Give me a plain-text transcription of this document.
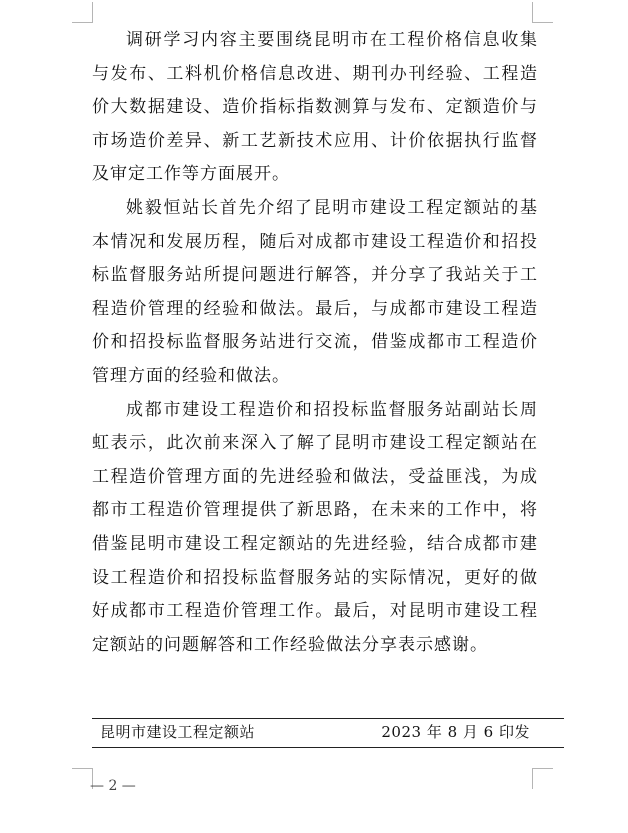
调研学习内容主要围绕昆明市在工程价格信息收集与发布、工料机价格信息改进、期刊办刊经验、工程造价大数据建设、造价指标指数测算与发布、定额造价与市场造价差异、新工艺新技术应用、计价依据执行监督及审定工作等方面展开。

姚毅恒站长首先介绍了昆明市建设工程定额站的基本情况和发展历程，随后对成都市建设工程造价和招投标监督服务站所提问题进行解答，并分享了我站关于工程造价管理的经验和做法。最后，与成都市建设工程造价和招投标监督服务站进行交流，借鉴成都市工程造价管理方面的经验和做法。

成都市建设工程造价和招投标监督服务站副站长周虹表示，此次前来深入了解了昆明市建设工程定额站在工程造价管理方面的先进经验和做法，受益匪浅，为成都市工程造价管理提供了新思路，在未来的工作中，将借鉴昆明市建设工程定额站的先进经验，结合成都市建设工程造价和招投标监督服务站的实际情况，更好的做好成都市工程造价管理工作。最后，对昆明市建设工程定额站的问题解答和工作经验做法分享表示感谢。

昆明市建设工程定额站	2023 年 8 月 6 印发
— 2 —
